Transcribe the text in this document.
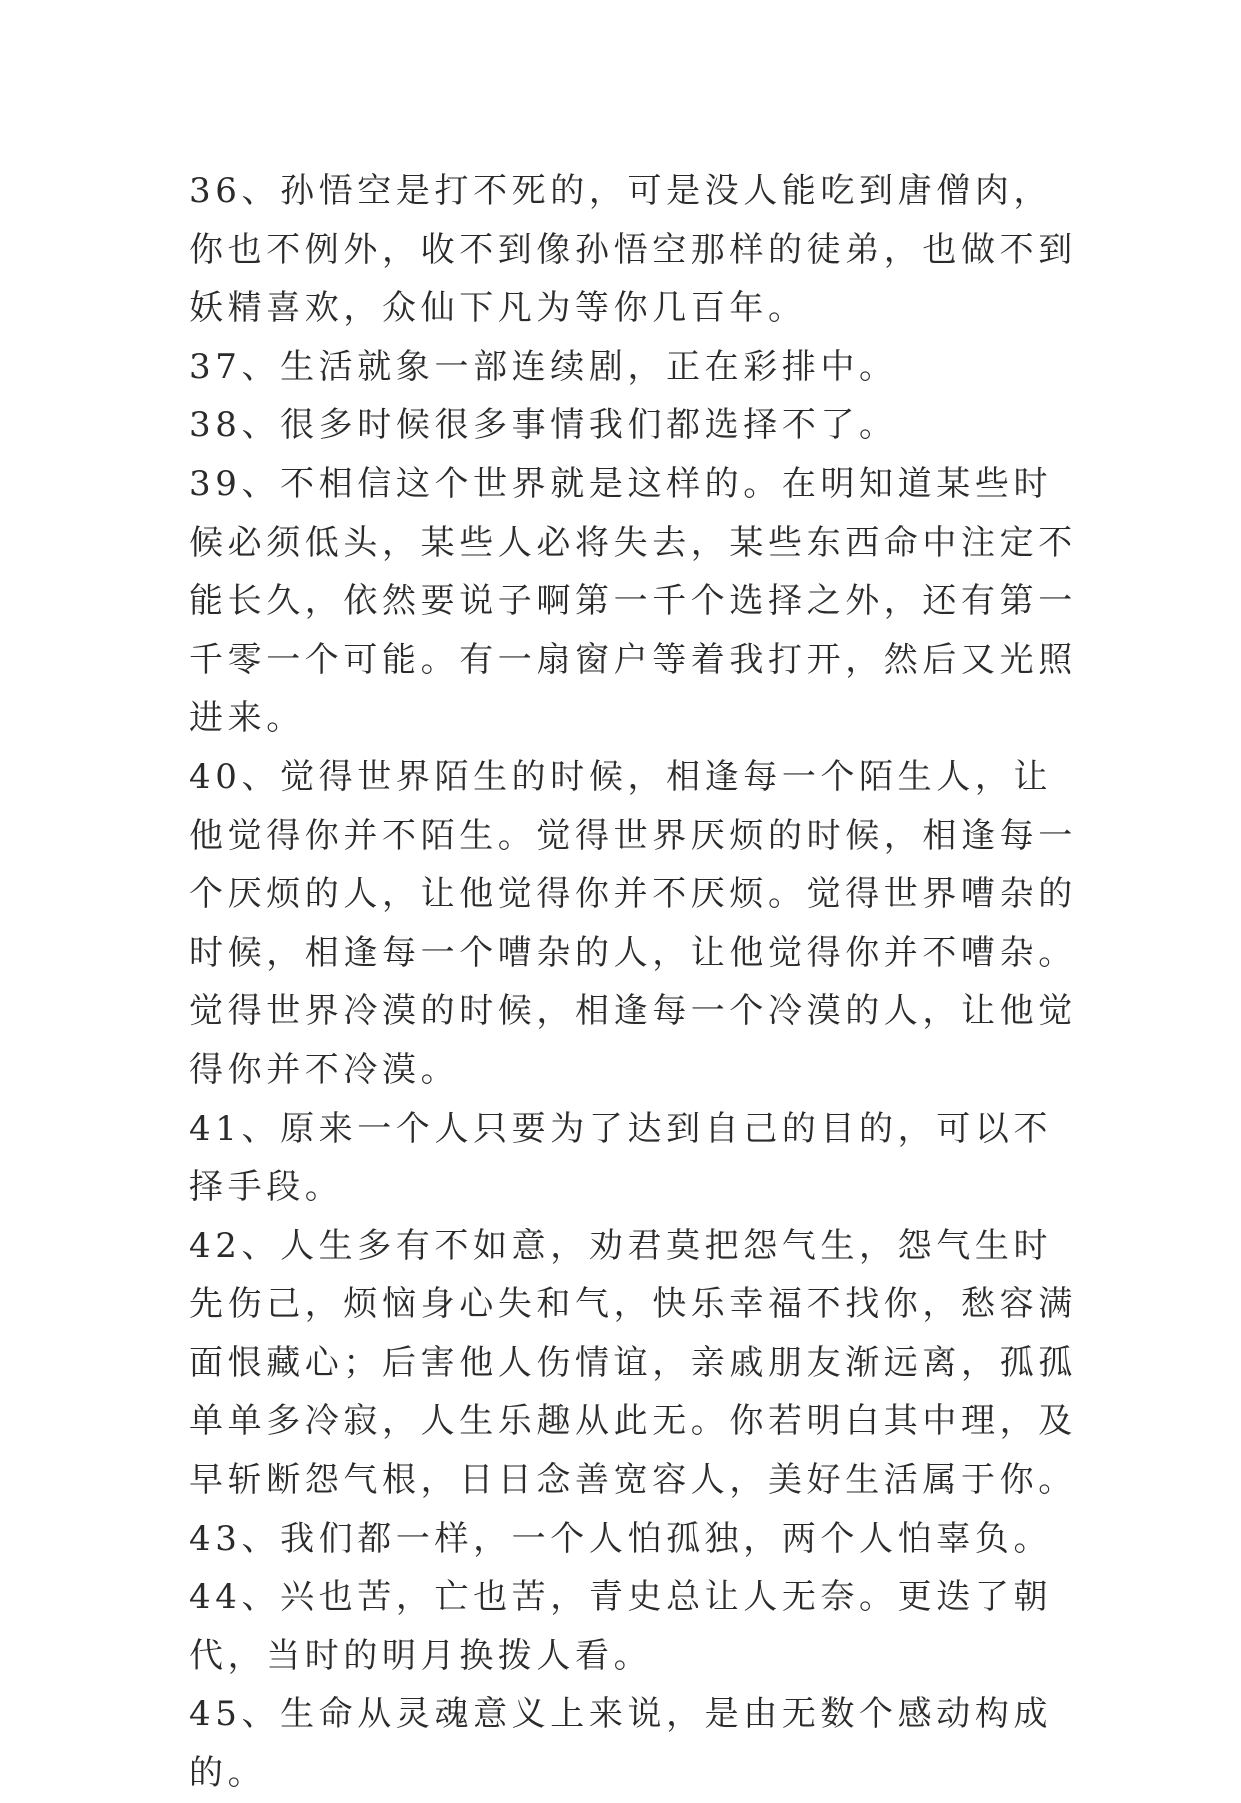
36、孙悟空是打不死的，可是没人能吃到唐僧肉，你也不例外，收不到像孙悟空那样的徒弟，也做不到妖精喜欢，众仙下凡为等你几百年。

37、生活就象一部连续剧，正在彩排中。

38、很多时候很多事情我们都选择不了。

39、不相信这个世界就是这样的。在明知道某些时候必须低头，某些人必将失去，某些东西命中注定不能长久，依然要说子啊第一千个选择之外，还有第一千零一个可能。有一扇窗户等着我打开，然后又光照进来。

40、觉得世界陌生的时候，相逢每一个陌生人，让他觉得你并不陌生。觉得世界厌烦的时候，相逢每一个厌烦的人，让他觉得你并不厌烦。觉得世界嘈杂的时候，相逢每一个嘈杂的人，让他觉得你并不嘈杂。觉得世界冷漠的时候，相逢每一个冷漠的人，让他觉得你并不冷漠。

41、原来一个人只要为了达到自己的目的，可以不择手段。

42、人生多有不如意，劝君莫把怨气生，怨气生时先伤己，烦恼身心失和气，快乐幸福不找你，愁容满面恨藏心；后害他人伤情谊，亲戚朋友渐远离，孤孤单单多冷寂，人生乐趣从此无。你若明白其中理，及早斩断怨气根，日日念善宽容人，美好生活属于你。

43、我们都一样，一个人怕孤独，两个人怕辜负。

44、兴也苦，亡也苦，青史总让人无奈。更迭了朝代，当时的明月换拨人看。

45、生命从灵魂意义上来说，是由无数个感动构成的。
